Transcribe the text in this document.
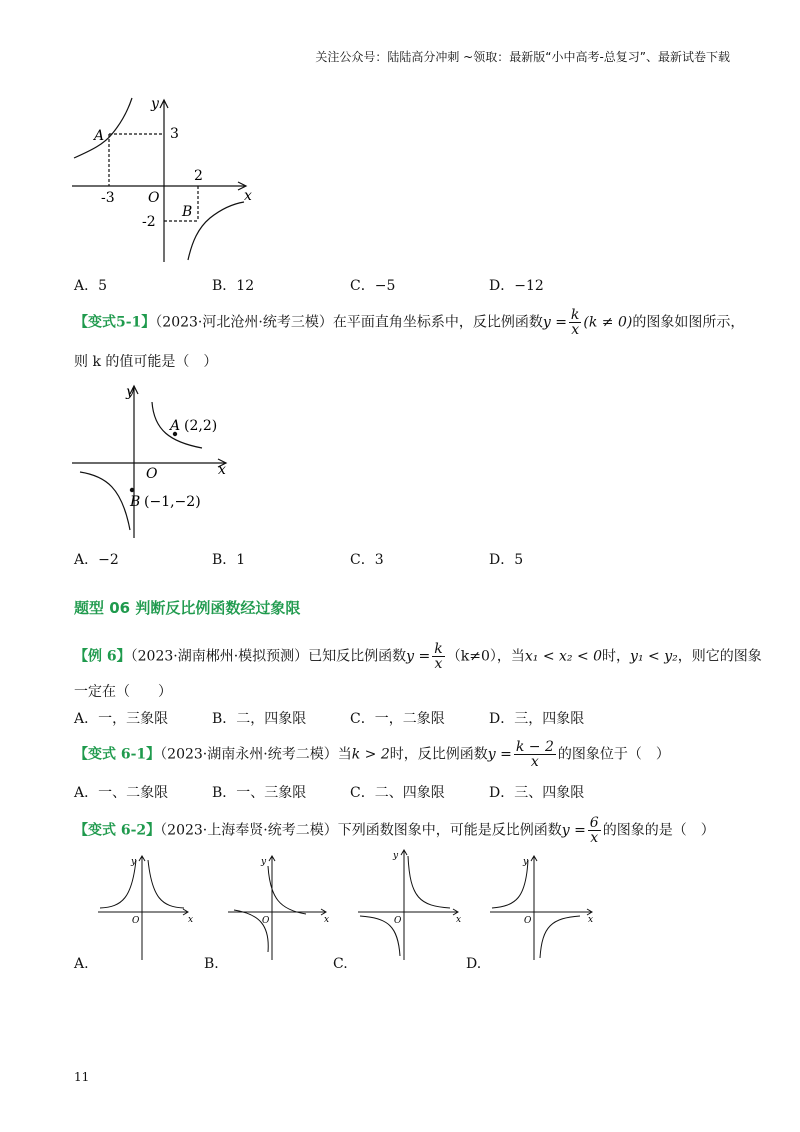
关注公众号：陆陆高分冲刺 ~领取：最新版“小中高考-总复习”、最新试卷下载
y
x
O
A	3
-3
2
B
-2
A．5	B．12	C．−5	D．−12
【变式5-1】（2023·河北沧州·统考三模）在平面直角坐标系中，反比例函数$y = \frac{k}{x} (k \ne 0)$的图象如图所示，
则 k 的值可能是（　）
y
x
O
A (2,2)
B (−1,−2)
A．−2	B．1	C．3	D．5
题型 06 判断反比例函数经过象限
【例 6】（2023·湖南郴州·模拟预测）已知反比例函数$y = \frac{k}{x} (k\ne 0)$，当x₁ < x₂ < 0时，y₁ < y₂，则它的图象
一定在（　　）
A．一，三象限	B．二，四象限	C．一，二象限	D．三，四象限
【变式 6-1】（2023·湖南永州·统考二模）当k > 2时，反比例函数$y = \frac{k - 2}{x}$ 的图象位于（　）
A．一、二象限	B．一、三象限	C．二、四象限	D．三、四象限
【变式 6-2】（2023·上海奉贤·统考二模）下列函数图象中，可能是反比例函数$y = \frac{6}{x}$ 的图象的是（　）
y
x
O
A.
y
x
O
B.
y
x
O
C.
y
x
O
D.
11
